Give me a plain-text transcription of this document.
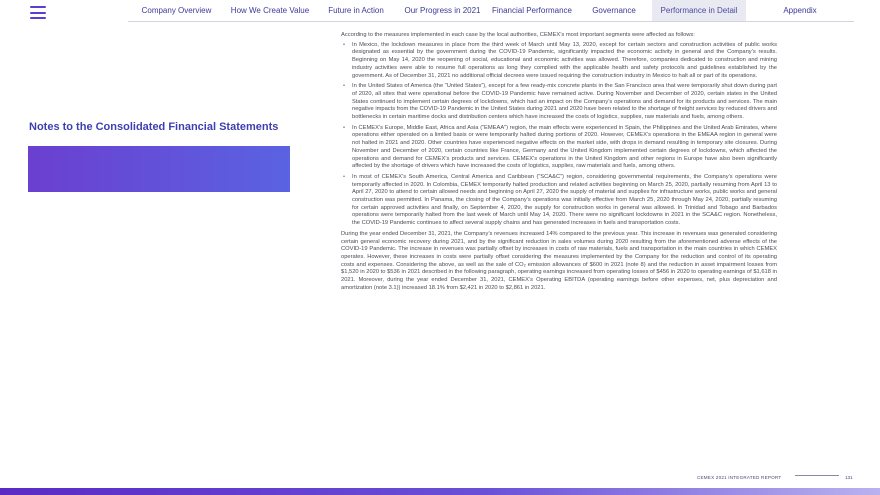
Company Overview	How We Create Value	Future in Action	Our Progress in 2021	Financial Performance	Governance	Performance in Detail	Appendix
Notes to the Consolidated Financial Statements

According to the measures implemented in each case by the local authorities, CEMEX’s most important segments were affected as follows:

• In Mexico, the lockdown measures in place from the third week of March until May 13, 2020, except for certain sectors and construction activities of public works designated as essential by the government during the COVID-19 Pandemic, significantly impacted the economic activity in general and the Company’s results. Beginning on May 14, 2020 the reopening of social, educational and economic activities was allowed. Therefore, companies dedicated to construction and mining industry activities were able to resume full operations as long they complied with the applicable health and safety protocols and guidelines established by the government. As of December 31, 2021 no additional official decrees were issued requiring the construction industry in Mexico to halt all or part of its operations.
• In the United States of America (the “United States”), except for a few ready-mix concrete plants in the San Francisco area that were temporarily shut down during part of 2020, all sites that were operational before the COVID-19 Pandemic have remained active. During November and December of 2020, certain states in the United States continued to implement certain degrees of lockdowns, which had an impact on the Company’s operations and demand for its products and services. The main negative impacts from the COVID-19 Pandemic in the United States during 2021 and 2020 have been related to the shortage of freight services by reduced drivers and bottlenecks in certain maritime docks and distribution centers which have increased the costs of logistics, supplies, raw materials and fuels, among others.
• In CEMEX’s Europe, Middle East, Africa and Asia (“EMEAA”) region, the main effects were experienced in Spain, the Philippines and the United Arab Emirates, where operations either operated on a limited basis or were temporarily halted during portions of 2020. However, CEMEX’s operations in the EMEAA region in general were not halted in 2021 and 2020. Other countries have experienced negative effects on the market side, with drops in demand resulting in temporary site closures. During November and December of 2020, certain countries like France, Germany and the United Kingdom implemented certain degrees of lockdowns, which affected the operations and demand for CEMEX’s products and services. CEMEX’s operations in the United Kingdom and other regions in Europe have also been significantly affected by the shortage of drivers which have increased the costs of logistics, supplies, raw materials and fuels, among others.
• In most of CEMEX’s South America, Central America and Caribbean (“SCA&C”) region, considering governmental requirements, the Company’s operations were temporarily affected in 2020. In Colombia, CEMEX temporarily halted production and related activities beginning on March 25, 2020, partially resuming from April 13 to April 27, 2020 to attend to certain allowed needs and beginning on April 27, 2020 the supply of material and supplies for infrastructure works, public works and general construction was permitted. In Panama, the closing of the Company’s operations was initially effective from March 25, 2020 through May 24, 2020, partially resuming for certain approved activities and finally, on September 4, 2020, the supply for construction works in general was allowed. In Trinidad and Tobago and Barbados operations were temporarily halted from the last week of March until May 14, 2020. There were no significant lockdowns in 2021 in the SCA&C region. Nonetheless, the COVID-19 Pandemic continues to affect several supply chains and has generated increases in fuels and transportation costs.

During the year ended December 31, 2021, the Company’s revenues increased 14% compared to the previous year. This increase in revenues was generated considering certain general economic recovery during 2021, and by the significant reduction in sales volumes during 2020 resulting from the aforementioned adverse effects of the COVID-19 Pandemic. The increase in revenues was partially offset by increases in costs of raw materials, fuels and transportation in the main countries in which CEMEX operates. However, these increases in costs were partially offset considering the measures implemented by the Company for the reduction and control of its operating costs and expenses. Considering the above, as well as the sale of CO₂ emission allowances of $600 in 2021 (note 8) and the reduction in asset impairment losses from $1,520 in 2020 to $536 in 2021 described in the following paragraph, operating earnings increased from operating losses of $456 in 2020 to operating earnings of $1,618 in 2021. Moreover, during the year ended December 31, 2021, CEMEX’s Operating EBITDA (operating earnings before other expenses, net, plus depreciation and amortization (note 3.1)) increased 18.1% from $2,421 in 2020 to $2,861 in 2021.

CEMEX 2021 INTEGRATED REPORT	131
